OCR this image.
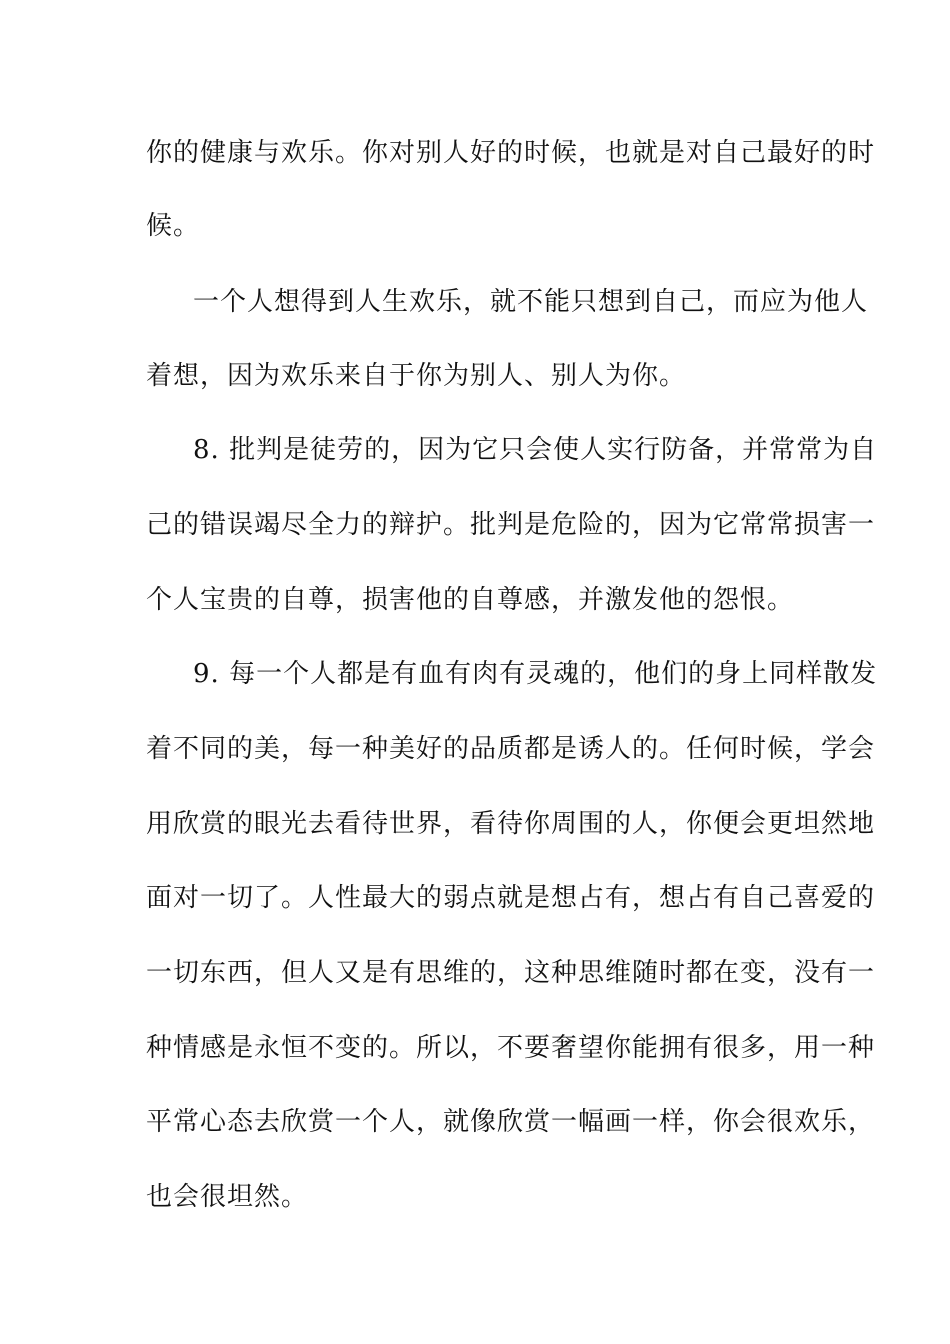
你的健康与欢乐。你对别人好的时候，也就是对自己最好的时
候。
一个人想得到人生欢乐，就不能只想到自己，而应为他人
着想，因为欢乐来自于你为别人、别人为你。
8. 批判是徒劳的，因为它只会使人实行防备，并常常为自
己的错误竭尽全力的辩护。批判是危险的，因为它常常损害一
个人宝贵的自尊，损害他的自尊感，并激发他的怨恨。
9. 每一个人都是有血有肉有灵魂的，他们的身上同样散发
着不同的美，每一种美好的品质都是诱人的。任何时候，学会
用欣赏的眼光去看待世界，看待你周围的人，你便会更坦然地
面对一切了。人性最大的弱点就是想占有，想占有自己喜爱的
一切东西，但人又是有思维的，这种思维随时都在变，没有一
种情感是永恒不变的。所以，不要奢望你能拥有很多，用一种
平常心态去欣赏一个人，就像欣赏一幅画一样，你会很欢乐，
也会很坦然。
